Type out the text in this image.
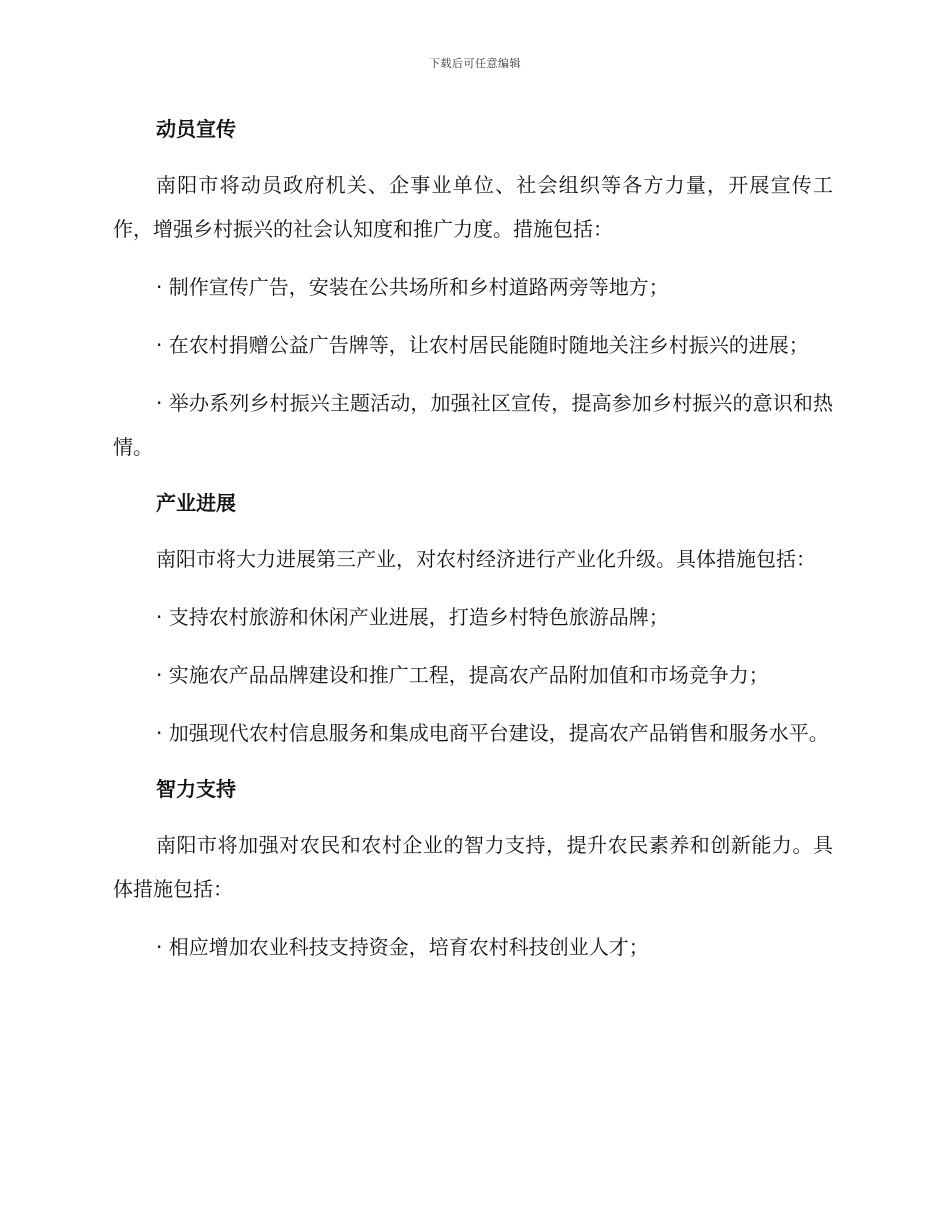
下载后可任意编辑
动员宣传

南阳市将动员政府机关、企事业单位、社会组织等各方力量，开展宣传工作，增强乡村振兴的社会认知度和推广力度。措施包括：

· 制作宣传广告，安装在公共场所和乡村道路两旁等地方；

· 在农村捐赠公益广告牌等，让农村居民能随时随地关注乡村振兴的进展；

· 举办系列乡村振兴主题活动，加强社区宣传，提高参加乡村振兴的意识和热情。

产业进展

南阳市将大力进展第三产业，对农村经济进行产业化升级。具体措施包括：

· 支持农村旅游和休闲产业进展，打造乡村特色旅游品牌；

· 实施农产品品牌建设和推广工程，提高农产品附加值和市场竞争力；

· 加强现代农村信息服务和集成电商平台建设，提高农产品销售和服务水平。

智力支持

南阳市将加强对农民和农村企业的智力支持，提升农民素养和创新能力。具体措施包括：

· 相应增加农业科技支持资金，培育农村科技创业人才；
